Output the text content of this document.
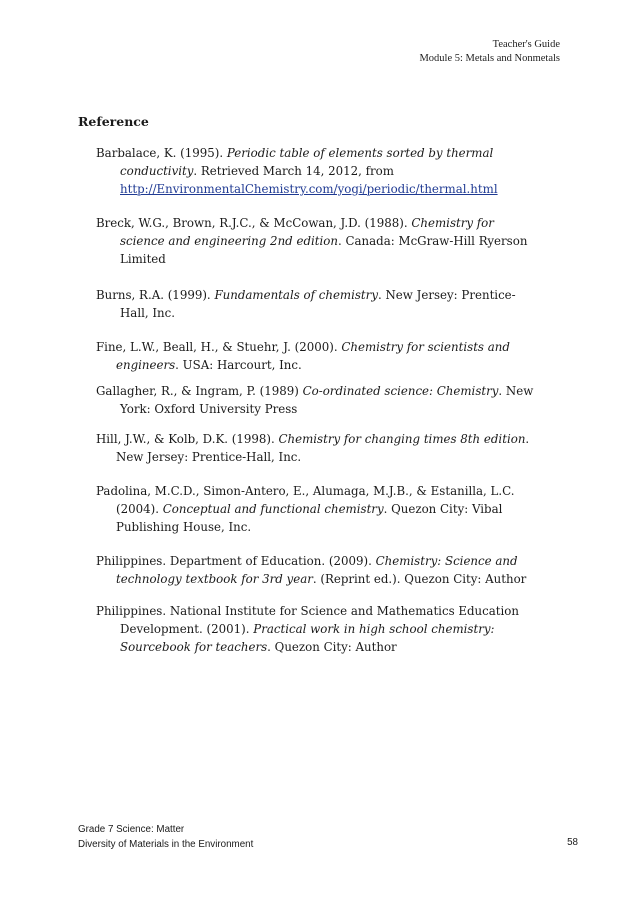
Teacher's Guide
Module 5: Metals and Nonmetals
Reference
Barbalace, K. (1995). Periodic table of elements sorted by thermal
conductivity. Retrieved March 14, 2012, from
http://EnvironmentalChemistry.com/yogi/periodic/thermal.html
Breck, W.G., Brown, R.J.C., & McCowan, J.D. (1988). Chemistry for
science and engineering 2nd edition. Canada: McGraw-Hill Ryerson
Limited
Burns, R.A. (1999). Fundamentals of chemistry. New Jersey: Prentice-
Hall, Inc.
Fine, L.W., Beall, H., & Stuehr, J. (2000). Chemistry for scientists and
engineers. USA: Harcourt, Inc.
Gallagher, R., & Ingram, P. (1989) Co-ordinated science: Chemistry. New
York: Oxford University Press
Hill, J.W., & Kolb, D.K. (1998). Chemistry for changing times 8th edition.
New Jersey: Prentice-Hall, Inc.
Padolina, M.C.D., Simon-Antero, E., Alumaga, M.J.B., & Estanilla, L.C.
(2004). Conceptual and functional chemistry. Quezon City: Vibal
Publishing House, Inc.
Philippines. Department of Education. (2009). Chemistry: Science and
technology textbook for 3rd year. (Reprint ed.). Quezon City: Author
Philippines. National Institute for Science and Mathematics Education
Development. (2001). Practical work in high school chemistry:
Sourcebook for teachers. Quezon City: Author
Grade 7 Science: Matter
Diversity of Materials in the Environment	58
